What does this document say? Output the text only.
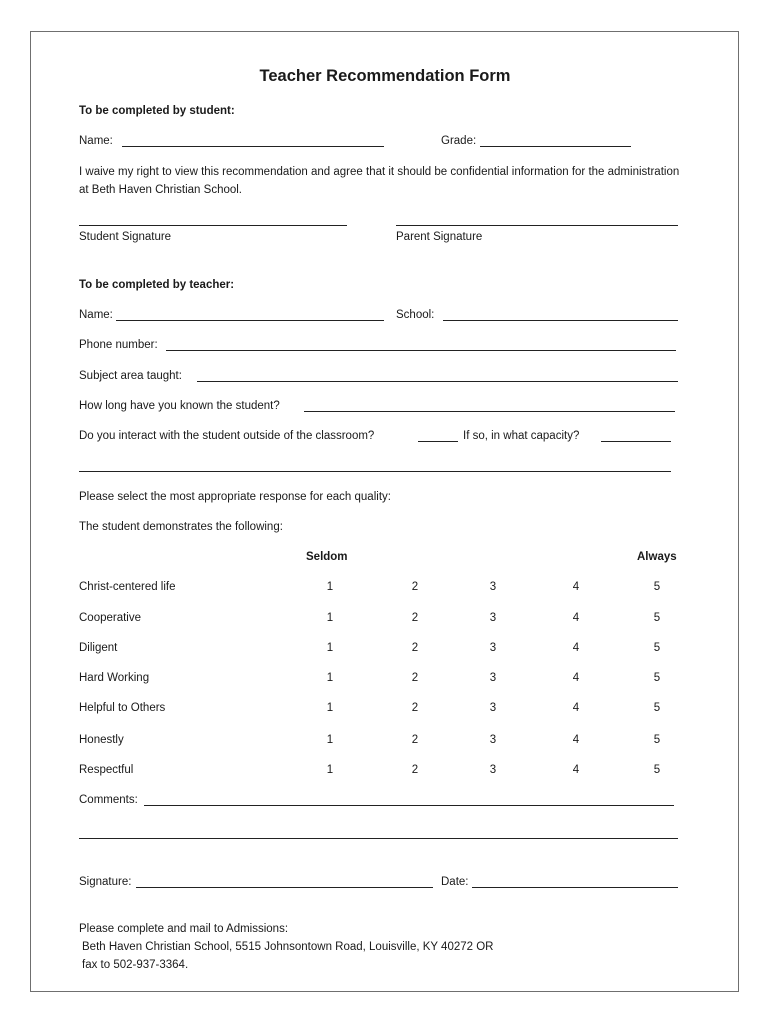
Teacher Recommendation Form
To be completed by student:
Name:	Grade:
I waive my right to view this recommendation and agree that it should be confidential information for the administration at Beth Haven Christian School.
Student Signature	Parent Signature
To be completed by teacher:
Name:	School:
Phone number:
Subject area taught:
How long have you known the student?
Do you interact with the student outside of the classroom?	If so, in what capacity?
Please select the most appropriate response for each quality:
The student demonstrates the following:
Seldom	Always
Christ-centered life	1	2	3	4	5
Cooperative	1	2	3	4	5
Diligent	1	2	3	4	5
Hard Working	1	2	3	4	5
Helpful to Others	1	2	3	4	5
Honestly	1	2	3	4	5
Respectful	1	2	3	4	5
Comments:
Signature:	Date:
Please complete and mail to Admissions:
Beth Haven Christian School, 5515 Johnsontown Road, Louisville, KY 40272 OR
fax to 502-937-3364.
